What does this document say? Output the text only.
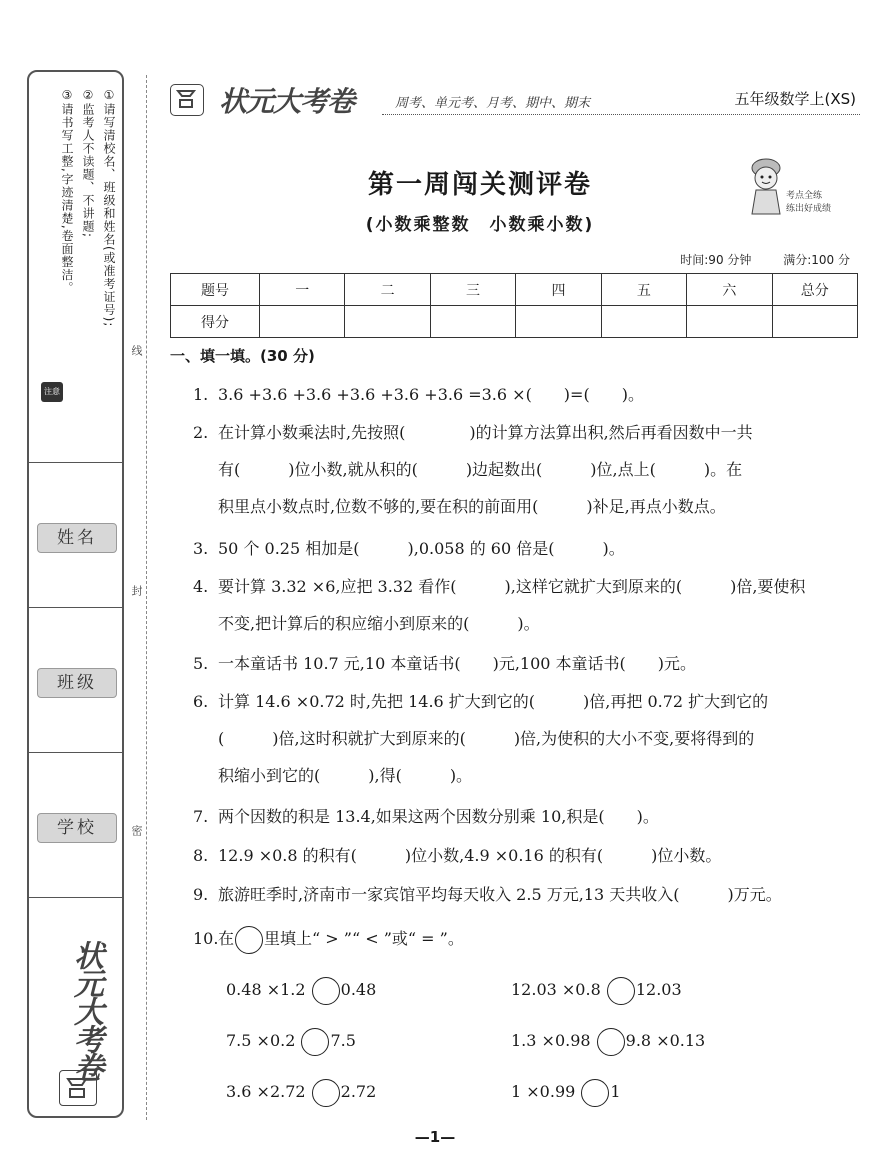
①请写清校名、班级和姓名(或准考证号);
②监考人不读题、不讲题;
③请书写工整,字迹清楚,卷面整洁。
注意事项
姓名
班级
学校
状元大考卷
线
封
密
状元大考卷	周考、单元考、月考、期中、期末	五年级数学上(XS)
第一周闯关测评卷
(小数乘整数　小数乘小数)
考点全练
练出好成绩
时间:90 分钟	满分:100 分
题号	一	二	三	四	五	六	总分
得分							
一、填一填。(30 分)
1. 3.6 +3.6 +3.6 +3.6 +3.6 +3.6 =3.6 ×(　　)=(　　)。
2. 在计算小数乘法时,先按照(　　　　)的计算方法算出积,然后再看因数中一共
有(　　　)位小数,就从积的(　　　)边起数出(　　　)位,点上(　　　)。在
积里点小数点时,位数不够的,要在积的前面用(　　　)补足,再点小数点。
3. 50 个 0.25 相加是(　　　),0.058 的 60 倍是(　　　)。
4. 要计算 3.32 ×6,应把 3.32 看作(　　　),这样它就扩大到原来的(　　　)倍,要使积
不变,把计算后的积应缩小到原来的(　　　)。
5. 一本童话书 10.7 元,10 本童话书(　　)元,100 本童话书(　　)元。
6. 计算 14.6 ×0.72 时,先把 14.6 扩大到它的(　　　)倍,再把 0.72 扩大到它的
(　　　)倍,这时积就扩大到原来的(　　　)倍,为使积的大小不变,要将得到的
积缩小到它的(　　　),得(　　　)。
7. 两个因数的积是 13.4,如果这两个因数分别乘 10,积是(　　)。
8. 12.9 ×0.8 的积有(　　　)位小数,4.9 ×0.16 的积有(　　　)位小数。
9. 旅游旺季时,济南市一家宾馆平均每天收入 2.5 万元,13 天共收入(　　　)万元。
10.在 里填上“ > ”“ < ”或“ = ”。
0.48 ×1.2 0.48	12.03 ×0.8 12.03
7.5 ×0.2 7.5	1.3 ×0.98 9.8 ×0.13
3.6 ×2.72 2.72	1 ×0.99 1
—1—
